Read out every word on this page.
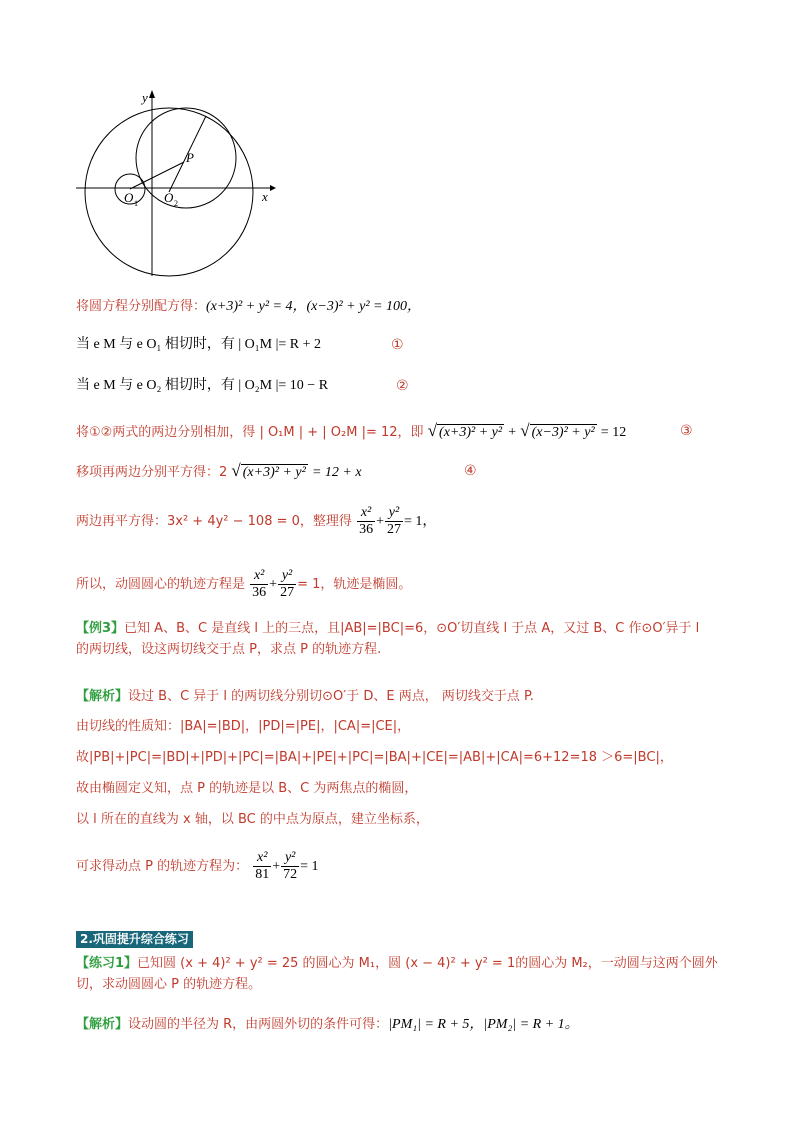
y
x
P
O 1 O 2
将圆方程分别配方得：(x+3)² + y² = 4，(x−3)² + y² = 100，
当 e M 与 e O₁ 相切时，有 | O₁M |= R + 2	①
当 e M 与 e O₂ 相切时，有 | O₂M |= 10 − R	②
将①②两式的两边分别相加，得 | O₁M | + | O₂M |= 12，即 √ (x+3)² + y² + √ (x−3)² + y² = 12	③
移项再两边分别平方得：2 √ (x+3)² + y² = 12 + x	④
两边再平方得：3x² + 4y² − 108 = 0，整理得 $\frac{\text{x²}}{36} + \frac{\text{y²}}{27} = 1$，
所以，动圆圆心的轨迹方程是 $\frac{\text{x²}}{36} + \frac{\text{y²}}{27} = 1$，轨迹是椭圆。
【例3】已知 A、B、C 是直线 l 上的三点，且|AB|=|BC|=6，⊙O′切直线 l 于点 A，又过 B、C 作⊙O′异于 l
的两切线，设这两切线交于点 P，求点 P 的轨迹方程.
【解析】设过 B、C 异于 l 的两切线分别切⊙O′于 D、E 两点， 两切线交于点 P.
由切线的性质知：|BA|=|BD|，|PD|=|PE|，|CA|=|CE|，
故|PB|+|PC|=|BD|+|PD|+|PC|=|BA|+|PE|+|PC|=|BA|+|CE|=|AB|+|CA|=6+12=18 ＞6=|BC|，
故由椭圆定义知，点 P 的轨迹是以 B、C 为两焦点的椭圆，
以 l 所在的直线为 x 轴，以 BC 的中点为原点，建立坐标系，
可求得动点 P 的轨迹方程为： $\frac{\text{x²}}{81} + \frac{\text{y²}}{72} = 1$
2.巩固提升综合练习
【练习1】已知圆 (x + 4)² + y² = 25 的圆心为 M₁，圆 (x − 4)² + y² = 1的圆心为 M₂，一动圆与这两个圆外
切，求动圆圆心 P 的轨迹方程。
【解析】设动圆的半径为 R，由两圆外切的条件可得：|PM₁| = R + 5，|PM₂| = R + 1。
